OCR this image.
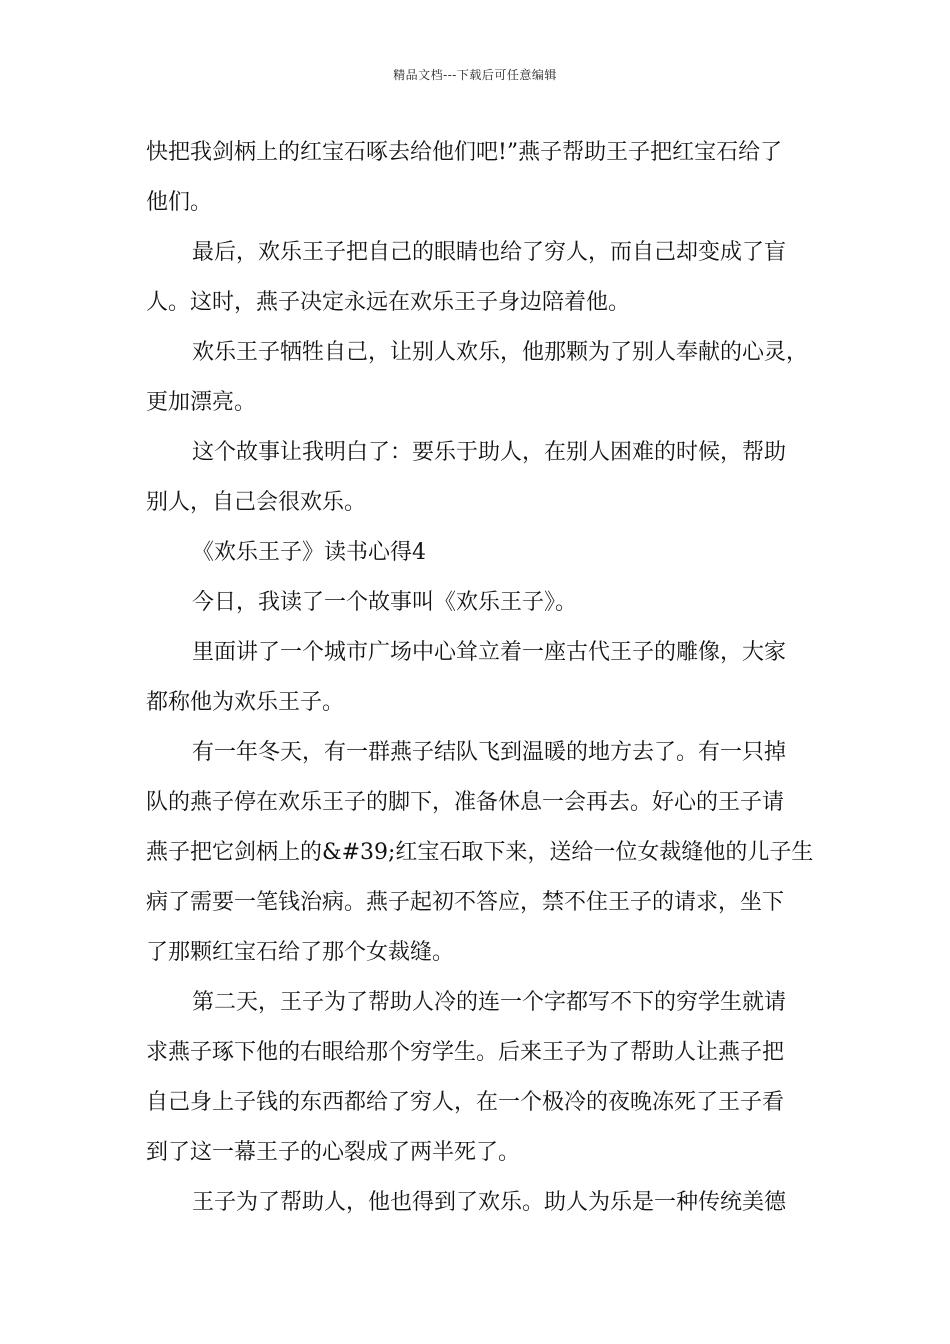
精品文档---下载后可任意编辑
快把我剑柄上的红宝石啄去给他们吧!”燕子帮助王子把红宝石给了
他们。
最后，欢乐王子把自己的眼睛也给了穷人，而自己却变成了盲
人。这时，燕子决定永远在欢乐王子身边陪着他。
欢乐王子牺牲自己，让别人欢乐，他那颗为了别人奉献的心灵，
更加漂亮。
这个故事让我明白了：要乐于助人，在别人困难的时候，帮助
别人，自己会很欢乐。
《欢乐王子》读书心得4
今日，我读了一个故事叫《欢乐王子》。
里面讲了一个城市广场中心耸立着一座古代王子的雕像，大家
都称他为欢乐王子。
有一年冬天，有一群燕子结队飞到温暖的地方去了。有一只掉
队的燕子停在欢乐王子的脚下，准备休息一会再去。好心的王子请
燕子把它剑柄上的&#39;红宝石取下来，送给一位女裁缝他的儿子生
病了需要一笔钱治病。燕子起初不答应，禁不住王子的请求，坐下
了那颗红宝石给了那个女裁缝。
第二天，王子为了帮助人冷的连一个字都写不下的穷学生就请
求燕子琢下他的右眼给那个穷学生。后来王子为了帮助人让燕子把
自己身上子钱的东西都给了穷人，在一个极冷的夜晚冻死了王子看
到了这一幕王子的心裂成了两半死了。
王子为了帮助人，他也得到了欢乐。助人为乐是一种传统美德
